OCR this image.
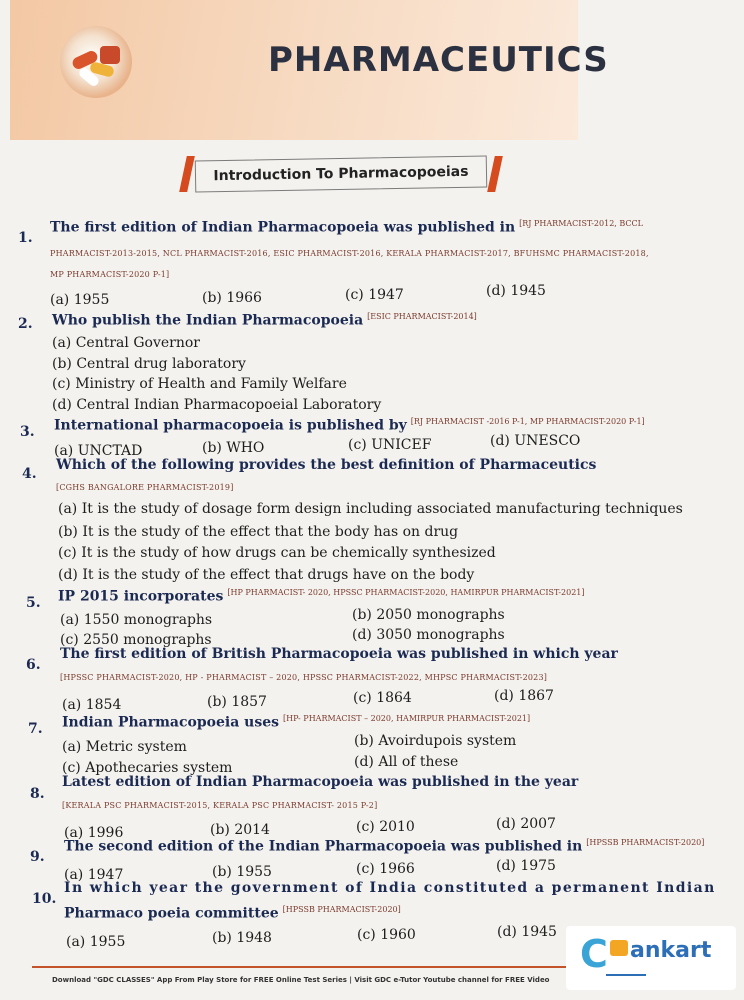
PHARMACEUTICS
Introduction To Pharmacopoeias
1.
The first edition of Indian Pharmacopoeia was published in $^{[RJ PHARMACIST-2012, BCCL}$
PHARMACIST-2013-2015, NCL PHARMACIST-2016, ESIC PHARMACIST-2016, KERALA PHARMACIST-2017, BFUHSMC PHARMACIST-2018,
MP PHARMACIST-2020 P-1]
(a) 1955	(b) 1966	(c) 1947	(d) 1945
2. Who publish the Indian Pharmacopoeia [ESIC PHARMACIST-2014]
(a) Central Governor
(b) Central drug laboratory
(c) Ministry of Health and Family Welfare
(d) Central Indian Pharmacopoeial Laboratory
3. International pharmacopoeia is published by [RJ PHARMACIST -2016 P-1, MP PHARMACIST-2020 P-1]
(a) UNCTAD	(b) WHO	(c) UNICEF	(d) UNESCO
4.
Which of the following provides the best definition of Pharmaceutics
[CGHS BANGALORE PHARMACIST-2019]
(a) It is the study of dosage form design including associated manufacturing techniques
(b) It is the study of the effect that the body has on drug
(c) It is the study of how drugs can be chemically synthesized
(d) It is the study of the effect that drugs have on the body
5. IP 2015 incorporates [HP PHARMACIST- 2020, HPSSC PHARMACIST-2020, HAMIRPUR PHARMACIST-2021]
(a) 1550 monographs	(b) 2050 monographs
(c) 2550 monographs	(d) 3050 monographs
6.
The first edition of British Pharmacopoeia was published in which year
[HPSSC PHARMACIST-2020, HP - PHARMACIST – 2020, HPSSC PHARMACIST-2022, MHPSC PHARMACIST-2023]
(a) 1854	(b) 1857	(c) 1864	(d) 1867
7. Indian Pharmacopoeia uses [HP- PHARMACIST – 2020, HAMIRPUR PHARMACIST-2021]
(a) Metric system	(b) Avoirdupois system
(c) Apothecaries system	(d) All of these
8.
Latest edition of Indian Pharmacopoeia was published in the year
[KERALA PSC PHARMACIST-2015, KERALA PSC PHARMACIST- 2015 P-2]
(a) 1996	(b) 2014	(c) 2010	(d) 2007
9.
The second edition of the Indian Pharmacopoeia was published in [HPSSB PHARMACIST-2020]
(a) 1947	(b) 1955	(c) 1966	(d) 1975
10.
In which year the government of India constituted a permanent Indian
Pharmaco poeia committee [HPSSB PHARMACIST-2020]
(a) 1955	(b) 1948	(c) 1960	(d) 1945
Download "GDC CLASSES" App From Play Store for FREE Online Test Series | Visit GDC e-Tutor Youtube channel for FREE Video
C ankart
